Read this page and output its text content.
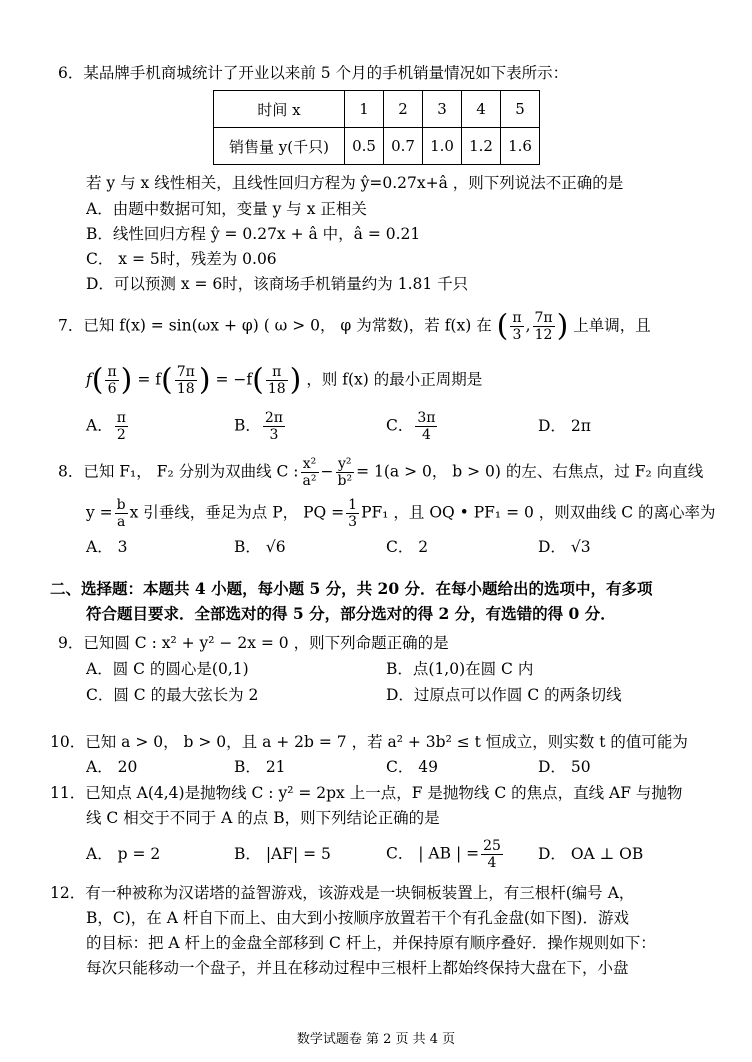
6．某品牌手机商城统计了开业以来前 5 个月的手机销量情况如下表所示：
时间 x	1	2	3	4	5
销售量 y(千只)	0.5	0.7	1.0	1.2	1.6
若 y 与 x 线性相关，且线性回归方程为 ŷ=0.27x+â ，则下列说法不正确的是
A．由题中数据可知，变量 y 与 x 正相关
B．线性回归方程 ŷ = 0.27x + â 中，â = 0.21
C． x = 5时，残差为 0.06
D．可以预测 x = 6时，该商场手机销量约为 1.81 千只
7．已知 f(x) = sin(ωx + φ) ( ω > 0， φ 为常数)，若 f(x) 在 ( $\frac{\pi}{3}$ , $\frac{7\pi}{12}$ ) 上单调，且
$f( \frac{\pi}{6}$ ) = $f( \frac{7\pi}{18}$ ) = $-f( \frac{\pi}{18}$ ) ，则 f(x) 的最小正周期是
A． $\frac{\pi}{2}$	B． $\frac{2\pi}{3}$	C． $\frac{3\pi}{4}$	D． 2π
8．已知 F₁， F₂ 分别为双曲线 C : $\frac{\text{x²}}{\text{a²}} - \frac{\text{y²}}{\text{b²}} = 1(a > 0$， b > 0) 的左、右焦点，过 F₂ 向直线
$y = \frac{b}{a}$ x 引垂线，垂足为点 P， PQ = $\frac{1}{3} PF_1$ ，且 OQ • PF₁ = 0 ，则双曲线 C 的离心率为
A． 3	B． √6	C． 2	D． √3
二、选择题：本题共 4 小题，每小题 5 分，共 20 分．在每小题给出的选项中，有多项
符合题目要求．全部选对的得 5 分，部分选对的得 2 分，有选错的得 0 分．
9．已知圆 C : x² + y² − 2x = 0 ，则下列命题正确的是
A．圆 C 的圆心是(0,1)	B．点(1,0)在圆 C 内
C．圆 C 的最大弦长为 2	D．过原点可以作圆 C 的两条切线
10．已知 a > 0， b > 0，且 a + 2b = 7 ，若 a² + 3b² ≤ t 恒成立，则实数 t 的值可能为
A． 20	B． 21	C． 49	D． 50
11．已知点 A(4,4)是抛物线 C : y² = 2px 上一点，F 是抛物线 C 的焦点，直线 AF 与抛物
线 C 相交于不同于 A 的点 B，则下列结论正确的是
A． p = 2	B． |AF| = 5	C． | AB | = $\frac{25}{4}$ D． OA ⊥ OB
12．有一种被称为汉诺塔的益智游戏，该游戏是一块铜板装置上，有三根杆(编号 A，
B，C)，在 A 杆自下而上、由大到小按顺序放置若干个有孔金盘(如下图)．游戏
的目标：把 A 杆上的金盘全部移到 C 杆上，并保持原有顺序叠好．操作规则如下：
每次只能移动一个盘子，并且在移动过程中三根杆上都始终保持大盘在下，小盘
数学试题卷 第 2 页 共 4 页
